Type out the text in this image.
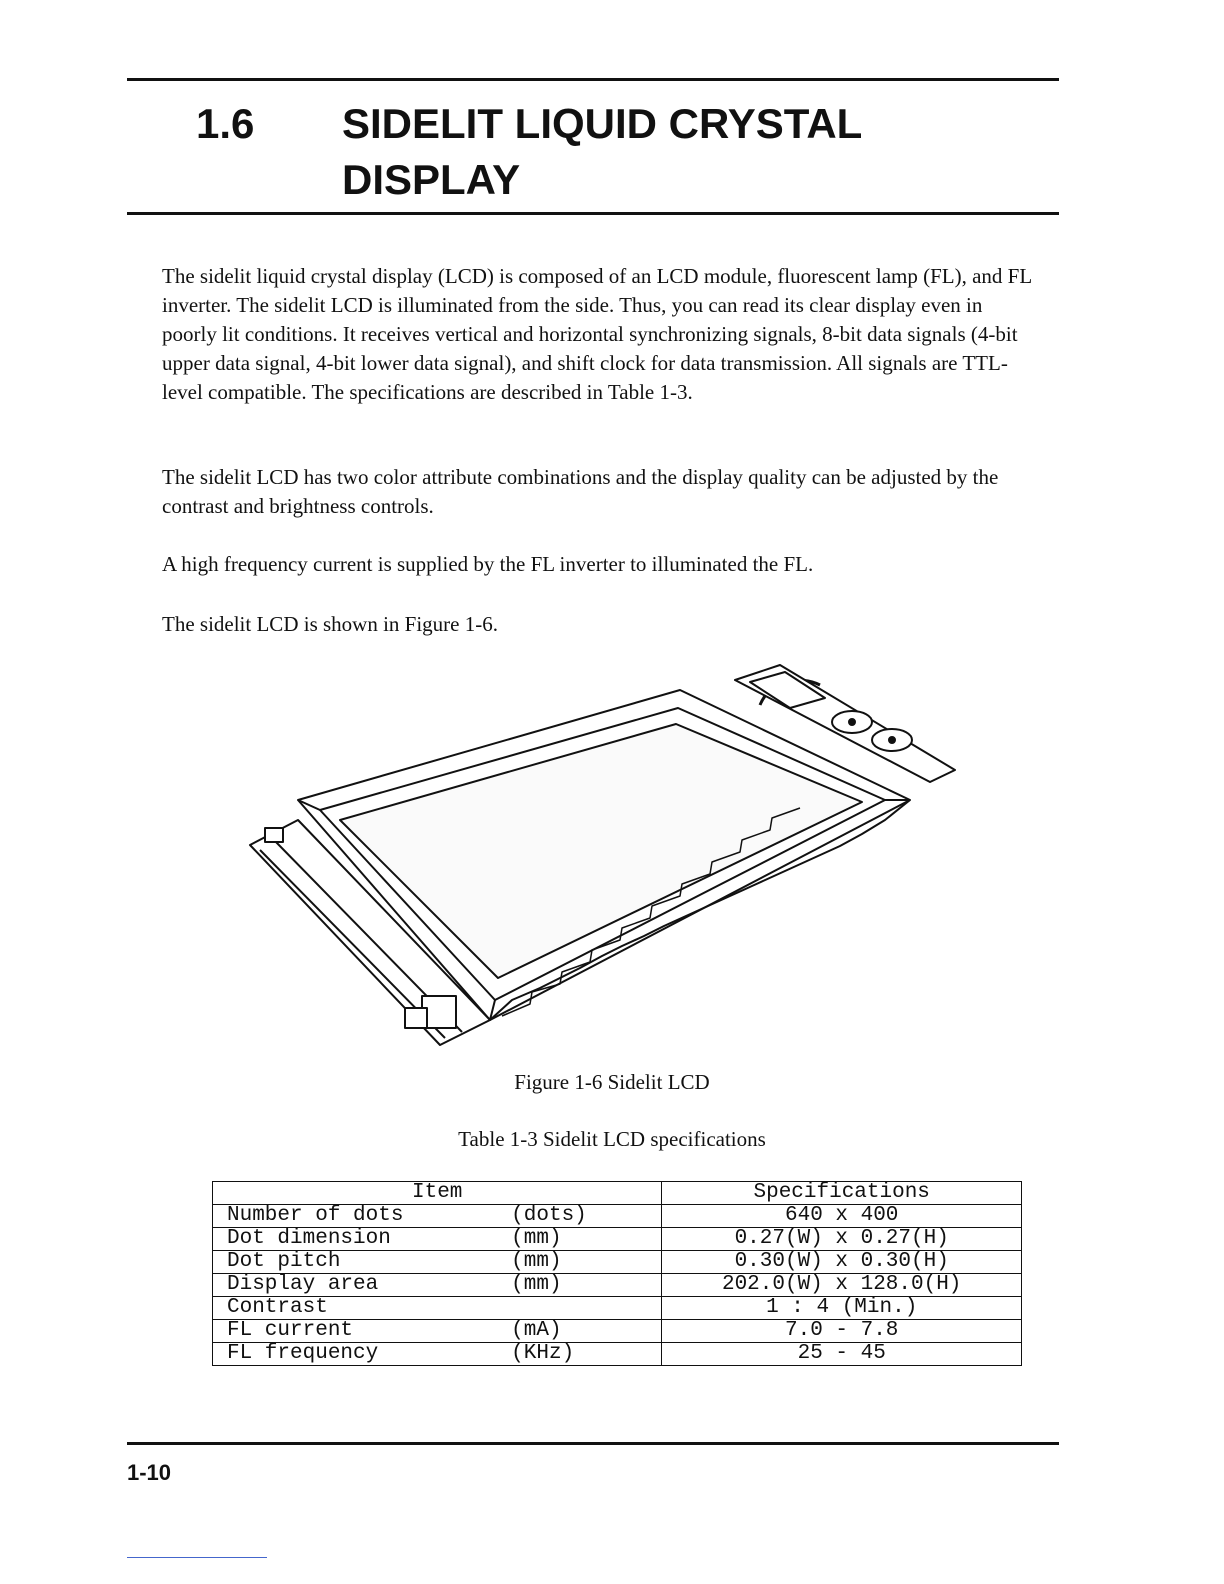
1.6 SIDELIT LIQUID CRYSTAL
DISPLAY

The sidelit liquid crystal display (LCD) is composed of an LCD module, fluorescent lamp (FL), and FL inverter. The sidelit LCD is illuminated from the side. Thus, you can read its clear display even in poorly lit conditions. It receives vertical and horizontal synchronizing signals, 8-bit data signals (4-bit upper data signal, 4-bit lower data signal), and shift clock for data transmission. All signals are TTL-level compatible. The specifications are described in Table 1-3.

The sidelit LCD has two color attribute combinations and the display quality can be adjusted by the contrast and brightness controls.

A high frequency current is supplied by the FL inverter to illuminated the FL.

The sidelit LCD is shown in Figure 1-6.

Figure 1-6 Sidelit LCD
Table 1-3 Sidelit LCD specifications
Item		Specifications
Number of dots	(dots)	640 x 400
Dot dimension	(mm)	0.27(W) x 0.27(H)
Dot pitch	(mm)	0.30(W) x 0.30(H)
Display area	(mm)	202.0(W) x 128.0(H)
Contrast		1 : 4 (Min.)
FL current	(mA)	7.0 - 7.8
FL frequency	(KHz)	25 - 45
1-10
